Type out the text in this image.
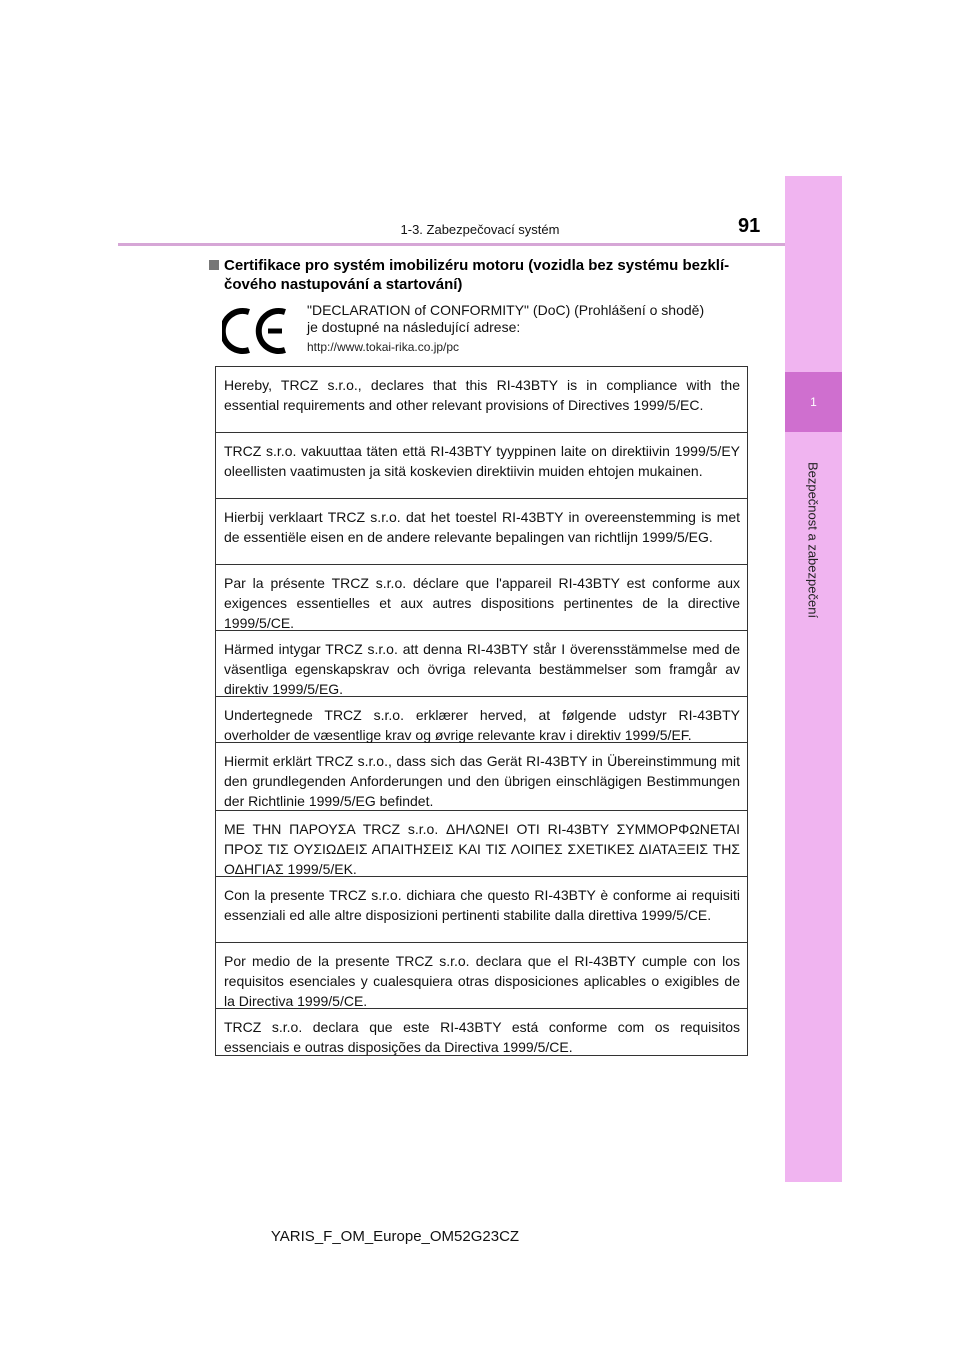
1
Bezpečnost a zabezpečení
1-3. Zabezpečovací systém	91
Certifikace pro systém imobilizéru motoru (vozidla bez systému bezklí-
čového nastupování a startování)
"DECLARATION of CONFORMITY" (DoC) (Prohlášení o shodě)
je dostupné na následující adrese:
http://www.tokai-rika.co.jp/pc
Hereby, TRCZ s.r.o., declares that this RI-43BTY is in compliance with the essential requirements and other relevant provisions of Directives 1999/5/EC.
TRCZ s.r.o. vakuuttaa täten että RI-43BTY tyyppinen laite on direktiivin 1999/5/EY oleellisten vaatimusten ja sitä koskevien direktiivin muiden ehtojen mukainen.
Hierbij verklaart TRCZ s.r.o. dat het toestel RI-43BTY in overeenstemming is met de essentiële eisen en de andere relevante bepalingen van richtlijn 1999/5/EG.
Par la présente TRCZ s.r.o. déclare que l'appareil RI-43BTY est conforme aux exigences essentielles et aux autres dispositions pertinentes de la directive 1999/5/CE.
Härmed intygar TRCZ s.r.o. att denna RI-43BTY står I överensstämmelse med de väsentliga egenskapskrav och övriga relevanta bestämmelser som framgår av direktiv 1999/5/EG.
Undertegnede TRCZ s.r.o. erklærer herved, at følgende udstyr RI-43BTY overholder de væsentlige krav og øvrige relevante krav i direktiv 1999/5/EF.
Hiermit erklärt TRCZ s.r.o., dass sich das Gerät RI-43BTY in Übereinstimmung mit den grundlegenden Anforderungen und den übrigen einschlägigen Bestimmungen der Richtlinie 1999/5/EG befindet.
ΜΕ ΤΗΝ ΠΑΡΟΥΣΑ TRCZ s.r.o. ΔΗΛΩΝΕΙ ΟΤΙ RI-43BTY ΣΥΜΜΟΡΦΩΝΕΤΑΙ ΠΡΟΣ ΤΙΣ ΟΥΣΙΩΔΕΙΣ ΑΠΑΙΤΗΣΕΙΣ ΚΑΙ ΤΙΣ ΛΟΙΠΕΣ ΣΧΕΤΙΚΕΣ ΔΙΑΤΑΞΕΙΣ ΤΗΣ ΟΔΗΓΙΑΣ 1999/5/ΕΚ.
Con la presente TRCZ s.r.o. dichiara che questo RI-43BTY è conforme ai requisiti essenziali ed alle altre disposizioni pertinenti stabilite dalla direttiva 1999/5/CE.
Por medio de la presente TRCZ s.r.o. declara que el RI-43BTY cumple con los requisitos esenciales y cualesquiera otras disposiciones aplicables o exigibles de la Directiva 1999/5/CE.
TRCZ s.r.o. declara que este RI-43BTY está conforme com os requisitos essenciais e outras disposições da Directiva 1999/5/CE.
YARIS_F_OM_Europe_OM52G23CZ
